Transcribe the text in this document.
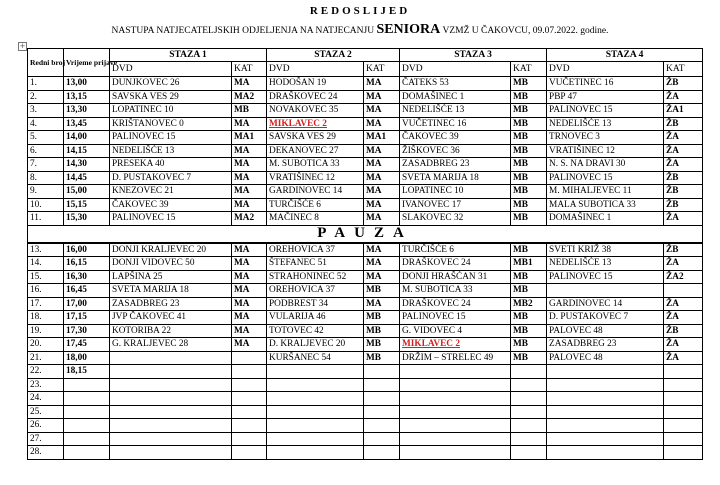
REDOSLIJED
NASTUPA NATJECATELJSKIH ODJELJENJA NA NATJECANJU SENIORA VZMŽ U ČAKOVCU, 09.07.2022. godine.
+
Redni broj	Vrijeme prijave	STAZA 1		STAZA 2		STAZA 3		STAZA 4	
		DVD	KAT	DVD	KAT	DVD	KAT	DVD	KAT
1.	13,00	DUNJKOVEC 26	MA	HODOŠAN 19	MA	ČATEKS 53	MB	VUČETINEC 16	ŽB
2.	13,15	SAVSKA VES 29	MA2	DRAŠKOVEC 24	MA	DOMAŠINEC 1	MB	PBP 47	ŽA
3.	13,30	LOPATINEC 10	MB	NOVAKOVEC 35	MA	NEDELIŠĆE 13	MB	PALINOVEC 15	ŽA1
4.	13,45	KRIŠTANOVEC 0	MA	MIKLAVEC 2	MA	VUČETINEC 16	MB	NEDELIŠĆE 13	ŽB
5.	14,00	PALINOVEC 15	MA1	SAVSKA VES 29	MA1	ČAKOVEC 39	MB	TRNOVEC 3	ŽA
6.	14,15	NEDELIŠĆE 13	MA	DEKANOVEC 27	MA	ŽIŠKOVEC 36	MB	VRATIŠINEC 12	ŽA
7.	14,30	PRESEKA 40	MA	M. SUBOTICA 33	MA	ZASADBREG 23	MB	N. S. NA DRAVI 30	ŽA
8.	14,45	D. PUSTAKOVEC 7	MA	VRATIŠINEC 12	MA	SVETA MARIJA 18	MB	PALINOVEC 15	ŽB
9.	15,00	KNEZOVEC 21	MA	GARDINOVEC 14	MA	LOPATINEC 10	MB	M. MIHALJEVEC 11	ŽB
10.	15,15	ČAKOVEC 39	MA	TURČIŠĆE 6	MA	IVANOVEC 17	MB	MALA SUBOTICA 33	ŽB
11.	15,30	PALINOVEC 15	MA2	MAČINEC 8	MA	SLAKOVEC 32	MB	DOMAŠINEC 1	ŽA
PAUZA									
13.	16,00	DONJI KRALJEVEC 20	MA	OREHOVICA 37	MA	TURČIŠĆE 6	MB	SVETI KRIŽ 38	ŽB
14.	16,15	DONJI VIDOVEC 50	MA	ŠTEFANEC 51	MA	DRAŠKOVEC 24	MB1	NEDELIŠĆE 13	ŽA
15.	16,30	LAPŠINA 25	MA	STRAHONINEC 52	MA	DONJI HRAŠĆAN 31	MB	PALINOVEC 15	ŽA2
16.	16,45	SVETA MARIJA 18	MA	OREHOVICA 37	MB	M. SUBOTICA 33	MB		
17.	17,00	ZASADBREG 23	MA	PODBREST 34	MA	DRAŠKOVEC 24	MB2	GARDINOVEC 14	ŽA
18.	17,15	JVP ČAKOVEC 41	MA	VULARIJA 46	MB	PALINOVEC 15	MB	D. PUSTAKOVEC 7	ŽA
19.	17,30	KOTORIBA 22	MA	TOTOVEC 42	MB	G. VIDOVEC 4	MB	PALOVEC 48	ŽB
20.	17,45	G. KRALJEVEC 28	MA	D. KRALJEVEC 20	MB	MIKLAVEC 2	MB	ZASADBREG 23	ŽA
21.	18,00			KURŠANEC 54	MB	DRŽIM – STRELEC 49	MB	PALOVEC 48	ŽA
22.	18,15								
23.									
24.									
25.									
26.									
27.									
28.									
